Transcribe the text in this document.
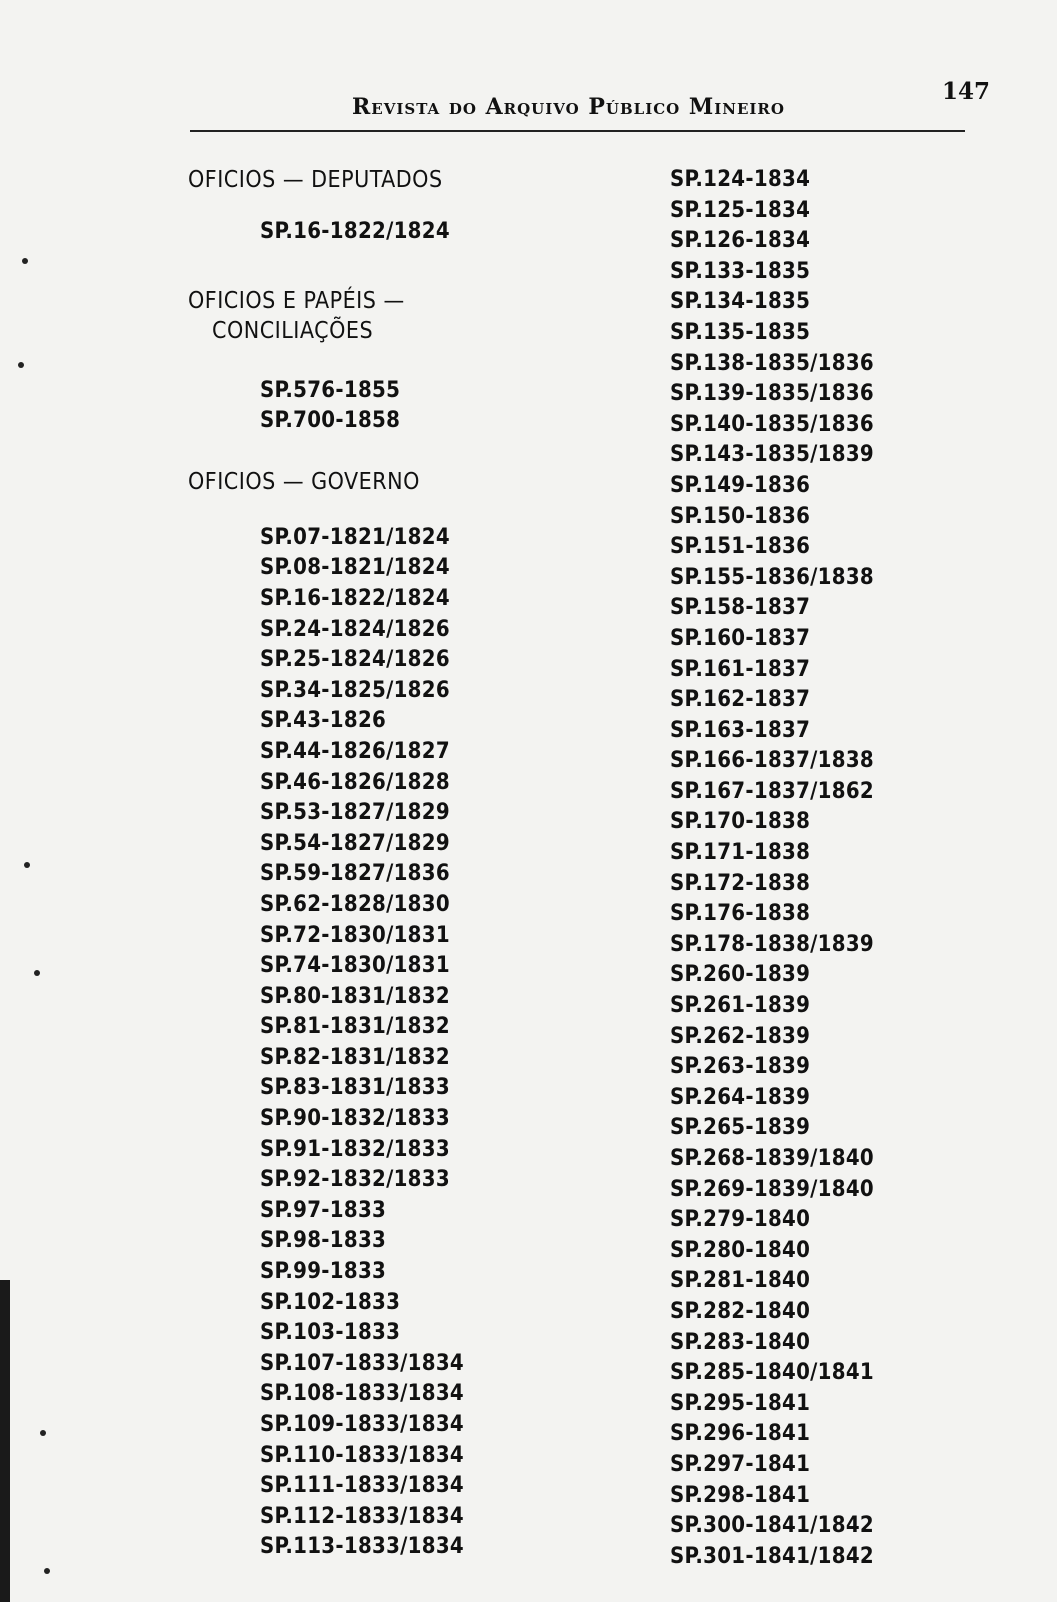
Revista do Arquivo Público Mineiro
147
OFICIOS — DEPUTADOS
SP.16-1822/1824
OFICIOS E PAPÉIS —
CONCILIAÇÕES
SP.576-1855
SP.700-1858
OFICIOS — GOVERNO
SP.07-1821/1824
SP.08-1821/1824
SP.16-1822/1824
SP.24-1824/1826
SP.25-1824/1826
SP.34-1825/1826
SP.43-1826
SP.44-1826/1827
SP.46-1826/1828
SP.53-1827/1829
SP.54-1827/1829
SP.59-1827/1836
SP.62-1828/1830
SP.72-1830/1831
SP.74-1830/1831
SP.80-1831/1832
SP.81-1831/1832
SP.82-1831/1832
SP.83-1831/1833
SP.90-1832/1833
SP.91-1832/1833
SP.92-1832/1833
SP.97-1833
SP.98-1833
SP.99-1833
SP.102-1833
SP.103-1833
SP.107-1833/1834
SP.108-1833/1834
SP.109-1833/1834
SP.110-1833/1834
SP.111-1833/1834
SP.112-1833/1834
SP.113-1833/1834
SP.124-1834
SP.125-1834
SP.126-1834
SP.133-1835
SP.134-1835
SP.135-1835
SP.138-1835/1836
SP.139-1835/1836
SP.140-1835/1836
SP.143-1835/1839
SP.149-1836
SP.150-1836
SP.151-1836
SP.155-1836/1838
SP.158-1837
SP.160-1837
SP.161-1837
SP.162-1837
SP.163-1837
SP.166-1837/1838
SP.167-1837/1862
SP.170-1838
SP.171-1838
SP.172-1838
SP.176-1838
SP.178-1838/1839
SP.260-1839
SP.261-1839
SP.262-1839
SP.263-1839
SP.264-1839
SP.265-1839
SP.268-1839/1840
SP.269-1839/1840
SP.279-1840
SP.280-1840
SP.281-1840
SP.282-1840
SP.283-1840
SP.285-1840/1841
SP.295-1841
SP.296-1841
SP.297-1841
SP.298-1841
SP.300-1841/1842
SP.301-1841/1842
